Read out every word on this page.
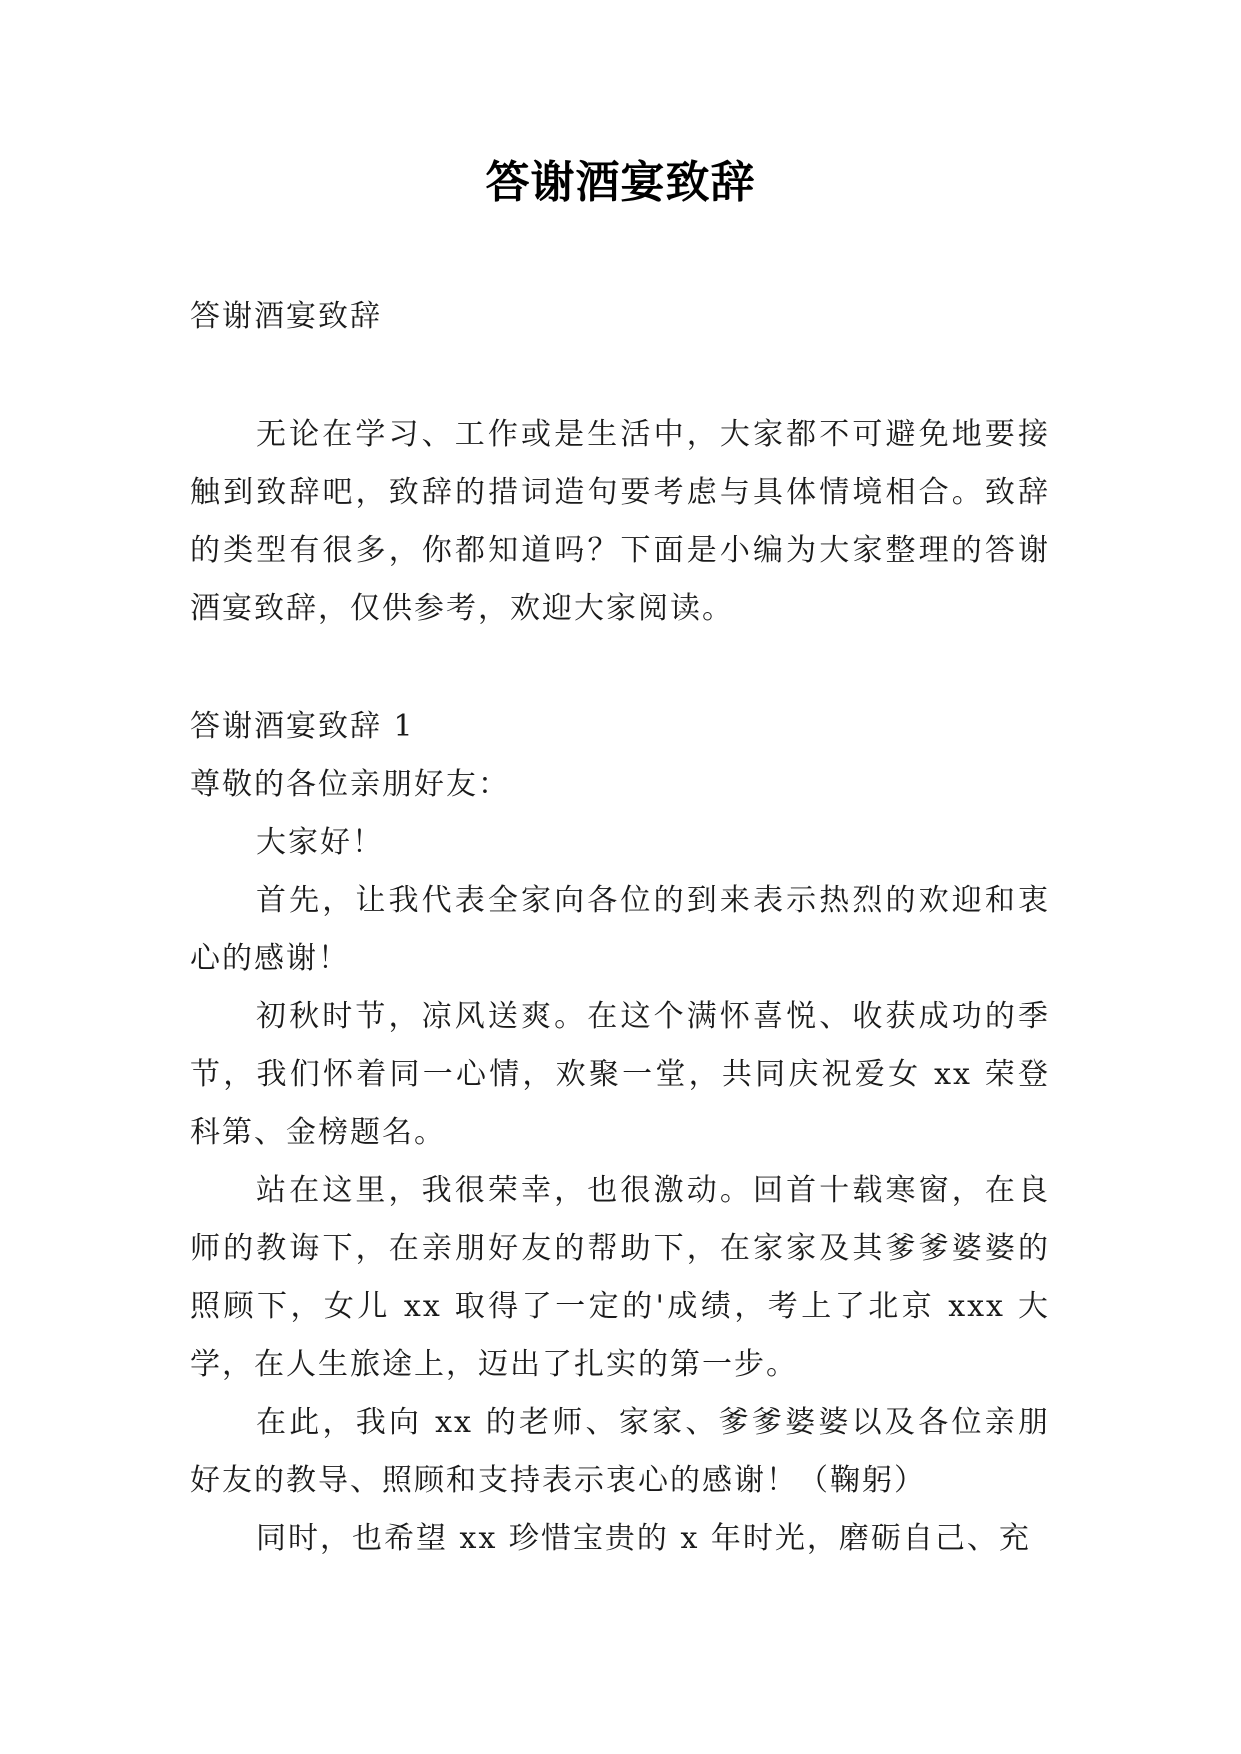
答谢酒宴致辞
答谢酒宴致辞

无论在学习、工作或是生活中，大家都不可避免地要接触到致辞吧，致辞的措词造句要考虑与具体情境相合。致辞的类型有很多，你都知道吗？下面是小编为大家整理的答谢酒宴致辞，仅供参考，欢迎大家阅读。

答谢酒宴致辞 1

尊敬的各位亲朋好友：

大家好！

首先，让我代表全家向各位的到来表示热烈的欢迎和衷心的感谢！

初秋时节，凉风送爽。在这个满怀喜悦、收获成功的季节，我们怀着同一心情，欢聚一堂，共同庆祝爱女 xx 荣登科第、金榜题名。

站在这里，我很荣幸，也很激动。回首十载寒窗，在良师的教诲下，在亲朋好友的帮助下，在家家及其爹爹婆婆的照顾下，女儿 xx 取得了一定的'成绩，考上了北京 xxx 大学，在人生旅途上，迈出了扎实的第一步。

在此，我向 xx 的老师、家家、爹爹婆婆以及各位亲朋好友的教导、照顾和支持表示衷心的感谢！（鞠躬）

同时，也希望 xx 珍惜宝贵的 x 年时光，磨砺自己、充
